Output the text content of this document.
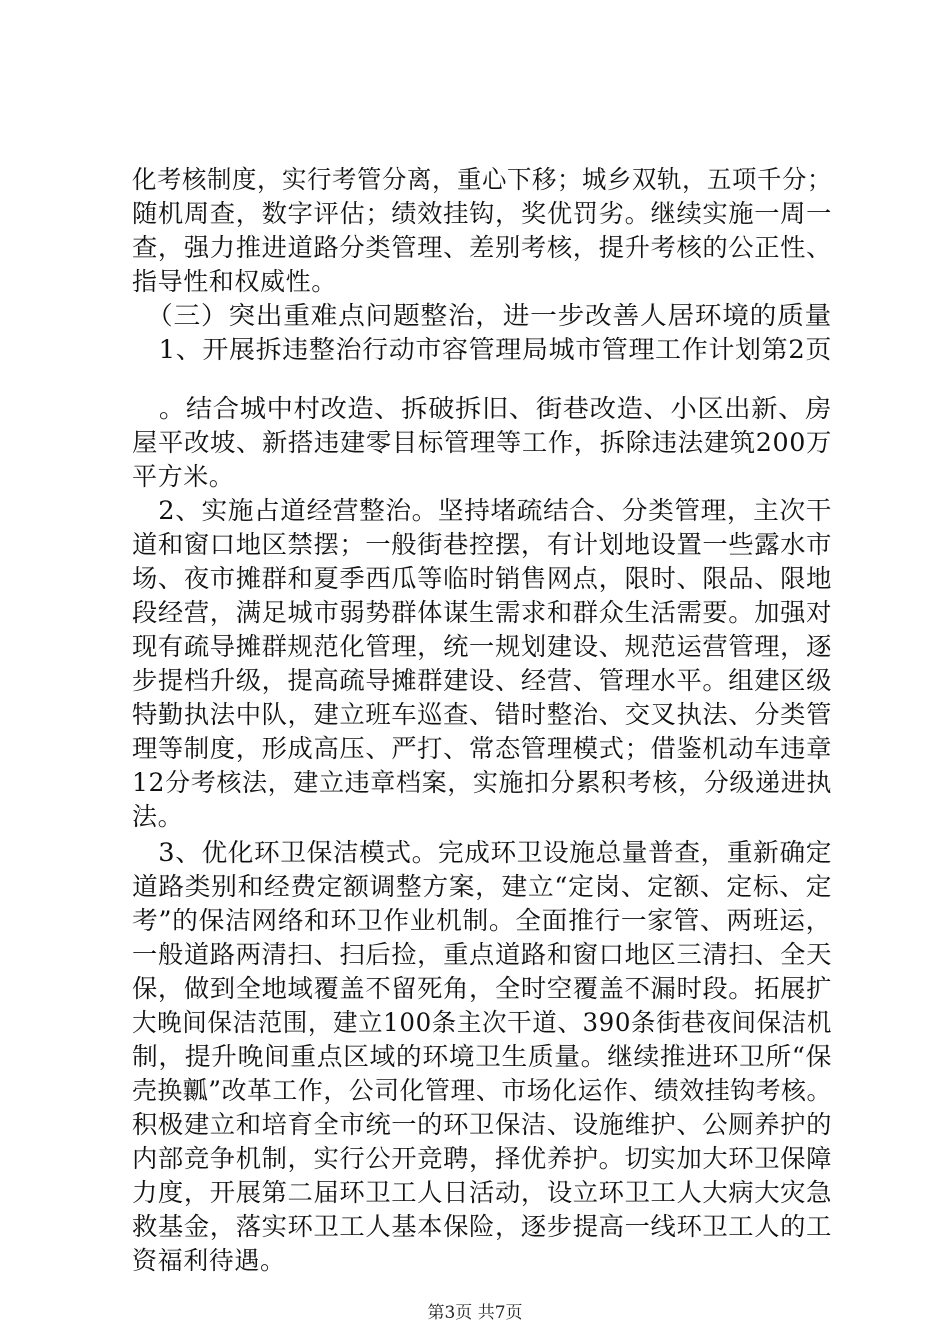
化考核制度，实行考管分离，重心下移；城乡双轨，五项千分；
随机周查，数字评估；绩效挂钩，奖优罚劣。继续实施一周一
查，强力推进道路分类管理、差别考核，提升考核的公正性、
指导性和权威性。
　（三）突出重难点问题整治，进一步改善人居环境的质量
　1、开展拆违整治行动市容管理局城市管理工作计划第2页
　。结合城中村改造、拆破拆旧、街巷改造、小区出新、房
屋平改坡、新搭违建零目标管理等工作，拆除违法建筑200万
平方米。
　2、实施占道经营整治。坚持堵疏结合、分类管理，主次干
道和窗口地区禁摆；一般街巷控摆，有计划地设置一些露水市
场、夜市摊群和夏季西瓜等临时销售网点，限时、限品、限地
段经营，满足城市弱势群体谋生需求和群众生活需要。加强对
现有疏导摊群规范化管理，统一规划建设、规范运营管理，逐
步提档升级，提高疏导摊群建设、经营、管理水平。组建区级
特勤执法中队，建立班车巡查、错时整治、交叉执法、分类管
理等制度，形成高压、严打、常态管理模式；借鉴机动车违章
12分考核法，建立违章档案，实施扣分累积考核，分级递进执
法。
　3、优化环卫保洁模式。完成环卫设施总量普查，重新确定
道路类别和经费定额调整方案，建立“定岗、定额、定标、定
考”的保洁网络和环卫作业机制。全面推行一家管、两班运，
一般道路两清扫、扫后捡，重点道路和窗口地区三清扫、全天
保，做到全地域覆盖不留死角，全时空覆盖不漏时段。拓展扩
大晚间保洁范围，建立100条主次干道、390条街巷夜间保洁机
制，提升晚间重点区域的环境卫生质量。继续推进环卫所“保
壳换瓤”改革工作，公司化管理、市场化运作、绩效挂钩考核。
积极建立和培育全市统一的环卫保洁、设施维护、公厕养护的
内部竞争机制，实行公开竞聘，择优养护。切实加大环卫保障
力度，开展第二届环卫工人日活动，设立环卫工人大病大灾急
救基金，落实环卫工人基本保险，逐步提高一线环卫工人的工
资福利待遇。
第3页 共7页
